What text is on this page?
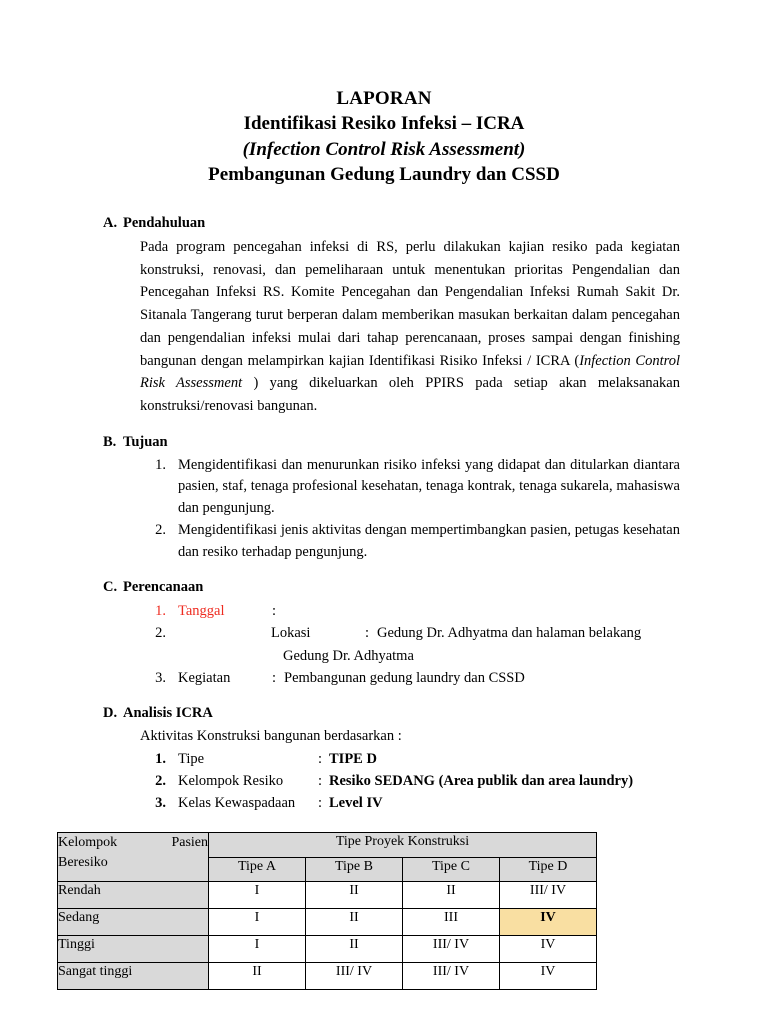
LAPORAN
Identifikasi Resiko Infeksi – ICRA
(Infection Control Risk Assessment)
Pembangunan Gedung Laundry dan CSSD
A. Pendahuluan
Pada program pencegahan infeksi di RS, perlu dilakukan kajian resiko pada kegiatan konstruksi, renovasi, dan pemeliharaan untuk menentukan prioritas Pengendalian dan Pencegahan Infeksi RS. Komite Pencegahan dan Pengendalian Infeksi Rumah Sakit Dr. Sitanala Tangerang turut berperan dalam memberikan masukan berkaitan dalam pencegahan dan pengendalian infeksi mulai dari tahap perencanaan, proses sampai dengan finishing bangunan dengan melampirkan kajian Identifikasi Risiko Infeksi / ICRA (Infection Control Risk Assessment ) yang dikeluarkan oleh PPIRS pada setiap akan melaksanakan konstruksi/renovasi bangunan.
B. Tujuan
1. Mengidentifikasi dan menurunkan risiko infeksi yang didapat dan ditularkan diantara pasien, staf, tenaga profesional kesehatan, tenaga kontrak, tenaga sukarela, mahasiswa dan pengunjung.
2. Mengidentifikasi jenis aktivitas dengan mempertimbangkan pasien, petugas kesehatan dan resiko terhadap pengunjung.
C. Perencanaan
1. Tanggal	:
2.	Lokasi	: Gedung Dr. Adhyatma dan halaman belakang
Gedung Dr. Adhyatma
3. Kegiatan	: Pembangunan gedung laundry dan CSSD
D. Analisis ICRA
Aktivitas Konstruksi bangunan berdasarkan :
1. Tipe	: TIPE D
2. Kelompok Resiko	: Resiko SEDANG (Area publik dan area laundry)
3. Kelas Kewaspadaan	: Level IV
Kelompok Pasien Beresiko	Tipe Proyek Konstruksi			
	Tipe A	Tipe B	Tipe C	Tipe D
Rendah	I	II	II	III/ IV
Sedang	I	II	III	IV
Tinggi	I	II	III/ IV	IV
Sangat tinggi	II	III/ IV	III/ IV	IV
